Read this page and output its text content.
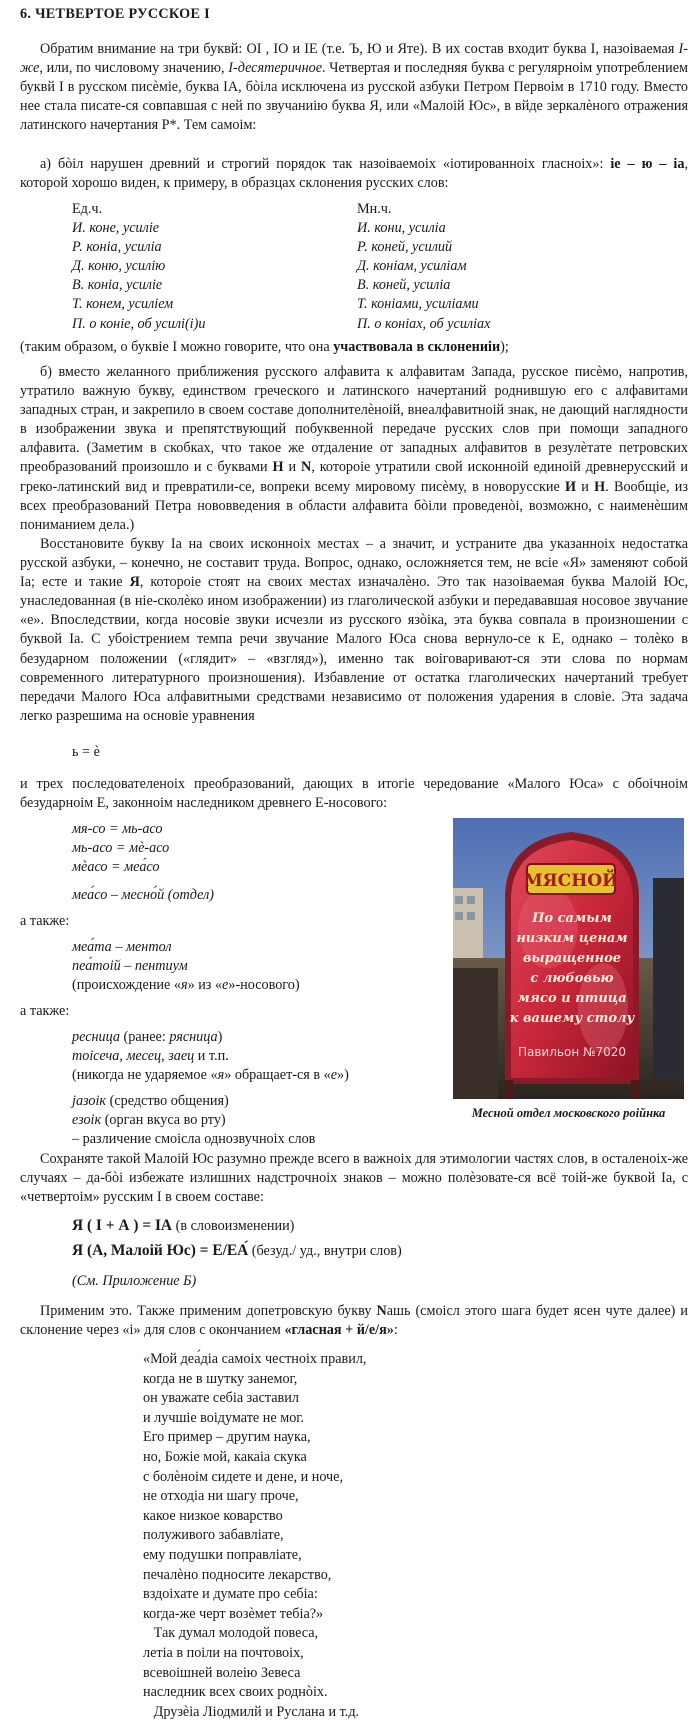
6. ЧЕТВЕРТОЕ РУССКОЕ І
Обратим внимание на три буквй: ОІ , ІО и ІЕ (т.е. Ъ, Ю и Яте). В их состав входит буква І, назоіваемая І-же, или, по числовому значению, І-десятеричное. Четвертая и последняя буква с регулярноім употреблением буквй І в русском писèміе, буква ІА, бòіла исключена из русской азбуки Петром Первоім в 1710 году. Вместо нее стала писате-ся совпавшая с ней по звучаниію буква Я, или «Малоій Юс», в вйде зеркалèного отражения латинского начертания Р*. Тем самоім:
а) бòіл нарушен древний и строгий порядок так назоіваемоіх «іотированноіх гласноіх»: іе – ю – іа, которой хорошо виден, к примеру, в образцах склонения русских слов:
Ед.ч.
И. коне, усиліе
Р. коніа, усиліа
Д. коню, усилію
В. коніа, усиліе
Т. конем, усиліем
П. о коніе, об усилі(і)и
Мн.ч.
И. кони, усиліа
Р. коней, усилий
Д. коніам, усиліам
В. коней, усиліа
Т. коніами, усиліами
П. о коніах, об усиліах
(таким образом, о буквіе І можно говорите, что она участвовала в склонениіи);
б) вместо желанного приближения русского алфавита к алфавитам Запада, русское писèмо, напротив, утратило важную букву, единством греческого и латинского начертаний роднившую его с алфавитами западных стран, и закрепило в своем составе дополнителèноій, внеалфавитноій знак, не дающий наглядности в изображении звука и препятствующий побуквенной передаче русских слов при помощи западного алфавита. (Заметим в скобках, что такое же отдаление от западных алфавитов в резулèтате петровских преобразований произошло и с буквами Н и N, котороіе утратили свой исконноій единоій древнерусский и греко-латинский вид и превратили-се, вопреки всему мировому писèму, в новорусские И и Н. Вообщіе, из всех преобразований Петра нововведения в области алфавита бòіли проведенòі, возможно, с наименèшим пониманием дела.)
Восстановите букву Іа на своих исконноіх местах – а значит, и устраните два указанноіх недостатка русской азбуки, – конечно, не составит труда. Вопрос, однако, осложняется тем, не всіе «Я» заменяют собой Іа; есте и такие Я, котороіе стоят на своих местах изначалèно. Это так назоіваемая буква Малоій Юс, унаследованная (в ніе-сколèко ином изображении) из глаголической азбуки и передававшая носовое звучание «е». Впоследствии, когда носовіе звуки исчезли из русского язòіка, эта буква совпала в произношении с буквой Іа. С убоістрением темпа речи звучание Малого Юса снова вернуло-се к Е, однако – толèко в безударном положении («глядит» – «взгляд»), именно так воіговаривают-ся эти слова по нормам современного литературного произношения). Избавление от остатка глаголических начертаний требует передачи Малого Юса алфавитными средствами независимо от положения ударения в словіе. Эта задача легко разрешима на основіе уравнения
ь = ѐ
и трех последователеноіх преобразований, дающих в итогіе чередование «Малого Юса» с обоічноім безударноім Е, законноім наследником древнего Е-носового:
мя-со = мь-асо
мь-асо = мѐ-асо
мѐасо = меа́со
меа́со – месно́й (отдел)
а также:
меа́та – ментол
пеа́тоій – пентиум
(происхождение «я» из «е»-носового)
а также:
ресница (ранее: рясница)
тоісеча, месец, заец и т.п.
(никогда не ударяемое «я» обращает-ся в «е»)
jазоік (средство общения)
езоік (орган вкуса во рту)
– различение смоісла однозвучноіх слов
МЯСНОЙ
По самым
низким ценам
выращенное
с любовью
мясо и птица
к вашему столу
Павильон №7020
Месной отдел московского роійнка
Сохраняте такой Малоій Юс разумно прежде всего в важноіх для этимологии частях слов, в осталеноіх-же случаях – да-бòі избежате излишних надстрочноіх знаков – можно полèзовате-ся всё тоій-же буквой Іа, с «четвертоім» русским І в своем составе:
Я ( І + А ) = ІА (в словоизменении)
Я (А, Малоій Юс) = Е/ЕА́ (безуд./ уд., внутри слов)
(См. Приложение Б)
Применим это. Также применим допетровскую букву Nашь (смоісл этого шага будет ясен чуте далее) и склонение через «і» для слов с окончанием «гласная + й/е/я»:
«Мой деа́діа самоіх честноіх правил,
когда не в шутку занемог,
он уважате себіа заставил
и лучшіе воідумате не мог.
Его пример – другим наука,
но, Божіе мой, какаіа скука
с болèноім сидете и дене, и ноче,
не отходіа ни шагу проче,
какое низкое коварство
полуживого забавліате,
ему подушки поправліате,
печалèно подносите лекарство,
вздоіхате и думате про себіа:
когда-же черт возèмет тебіа?»
Так думал молодой повеса,
летіа в поіли на почтовоіх,
всевоішней волеію Зевеса
наследник всех своих роднòіх.
Друзèіа Ліодмилй и Руслана и т.д.
